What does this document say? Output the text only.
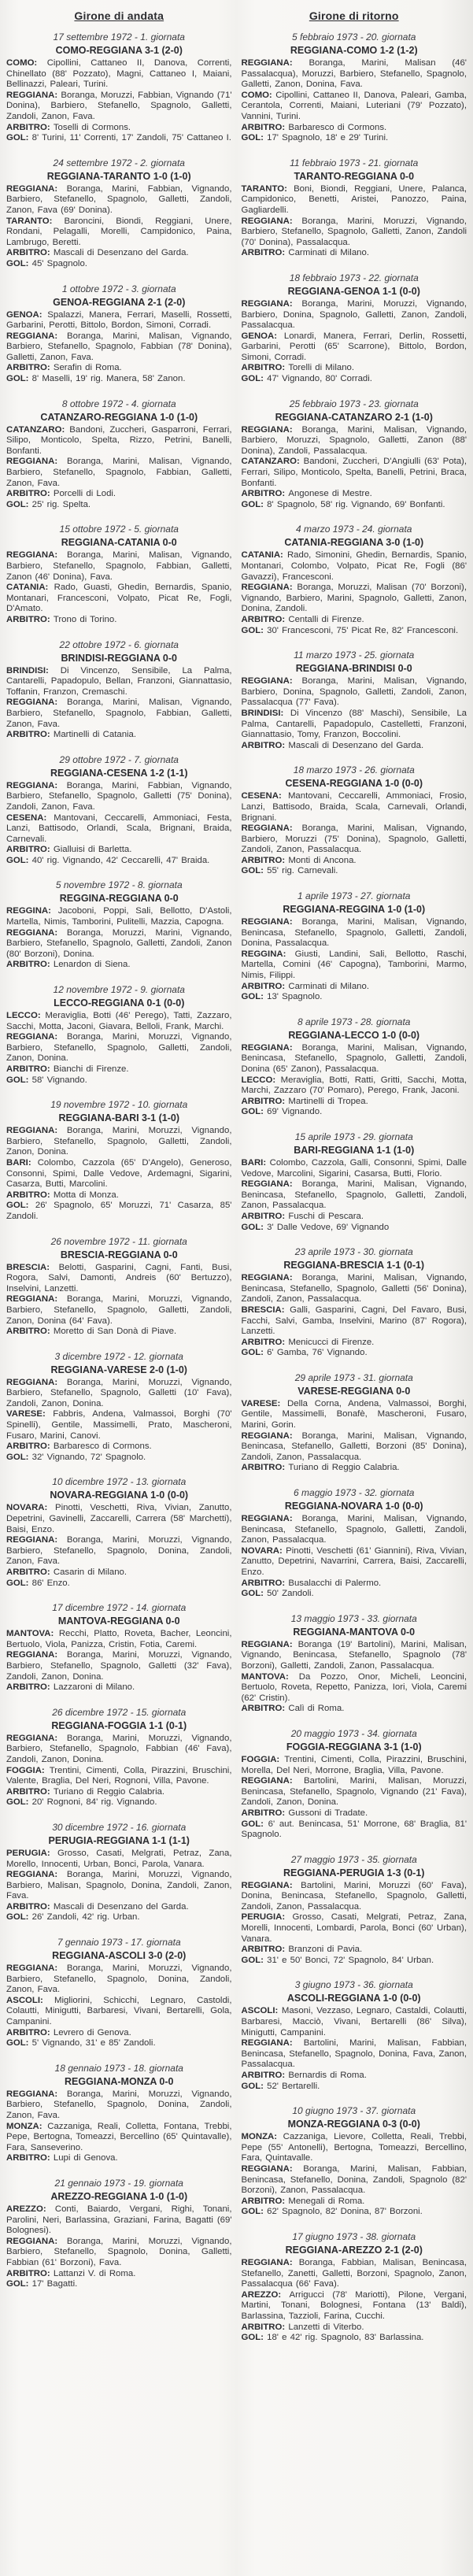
Girone di andata

17 settembre 1972 - 1. giornata

COMO-REGGIANA 3-1 (2-0)

COMO: Cipollini, Cattaneo II, Danova, Correnti, Chinellato (88' Pozzato), Magni, Cattaneo I, Maiani, Bellinazzi, Paleari, Turini.

REGGIANA: Boranga, Moruzzi, Fabbian, Vignando (71' Donina), Barbiero, Stefanello, Spagnolo, Galletti, Zandoli, Zanon, Fava.

ARBITRO: Toselli di Cormons.

GOL: 8' Turini, 11' Correnti, 17' Zandoli, 75' Cattaneo I.

24 settembre 1972 - 2. giornata

REGGIANA-TARANTO 1-0 (1-0)

REGGIANA: Boranga, Marini, Fabbian, Vignando, Barbiero, Stefanello, Spagnolo, Galletti, Zandoli, Zanon, Fava (69' Donina).

TARANTO: Baroncini, Biondi, Reggiani, Unere, Rondani, Pelagalli, Morelli, Campidonico, Paina, Lambrugo, Beretti.

ARBITRO: Mascali di Desenzano del Garda.

GOL: 45' Spagnolo.

1 ottobre 1972 - 3. giornata

GENOA-REGGIANA 2-1 (2-0)

GENOA: Spalazzi, Manera, Ferrari, Maselli, Rossetti, Garbarini, Perotti, Bittolo, Bordon, Simoni, Corradi.

REGGIANA: Boranga, Marini, Malisan, Vignando, Barbiero, Stefanello, Spagnolo, Fabbian (78' Donina), Galletti, Zanon, Fava.

ARBITRO: Serafin di Roma.

GOL: 8' Maselli, 19' rig. Manera, 58' Zanon.

8 ottobre 1972 - 4. giornata

CATANZARO-REGGIANA 1-0 (1-0)

CATANZARO: Bandoni, Zuccheri, Gasparroni, Ferrari, Silipo, Monticolo, Spelta, Rizzo, Petrini, Banelli, Bonfanti.

REGGIANA: Boranga, Marini, Malisan, Vignando, Barbiero, Stefanello, Spagnolo, Fabbian, Galletti, Zanon, Fava.

ARBITRO: Porcelli di Lodi.

GOL: 25' rig. Spelta.

15 ottobre 1972 - 5. giornata

REGGIANA-CATANIA 0-0

REGGIANA: Boranga, Marini, Malisan, Vignando, Barbiero, Stefanello, Spagnolo, Fabbian, Galletti, Zanon (46' Donina), Fava.

CATANIA: Rado, Guasti, Ghedin, Bernardis, Spanio, Montanari, Francesconi, Volpato, Picat Re, Fogli, D'Amato.

ARBITRO: Trono di Torino.

22 ottobre 1972 - 6. giornata

BRINDISI-REGGIANA 0-0

BRINDISI: Di Vincenzo, Sensibile, La Palma, Cantarelli, Papadopulo, Bellan, Franzoni, Giannattasio, Toffanin, Franzon, Cremaschi.

REGGIANA: Boranga, Marini, Malisan, Vignando, Barbiero, Stefanello, Spagnolo, Fabbian, Galletti, Zanon, Fava.

ARBITRO: Martinelli di Catania.

29 ottobre 1972 - 7. giornata

REGGIANA-CESENA 1-2 (1-1)

REGGIANA: Boranga, Marini, Fabbian, Vignando, Barbiero, Stefanello, Spagnolo, Galletti (75' Donina), Zandoli, Zanon, Fava.

CESENA: Mantovani, Ceccarelli, Ammoniaci, Festa, Lanzi, Battisodo, Orlandi, Scala, Brignani, Braida, Carnevali.

ARBITRO: Gialluisi di Barletta.

GOL: 40' rig. Vignando, 42' Ceccarelli, 47' Braida.

5 novembre 1972 - 8. giornata

REGGINA-REGGIANA 0-0

REGGINA: Jacoboni, Poppi, Sali, Bellotto, D'Astoli, Martella, Nimis, Tamborini, Pulitelli, Mazzia, Capogna.

REGGIANA: Boranga, Moruzzi, Marini, Vignando, Barbiero, Stefanello, Spagnolo, Galletti, Zandoli, Zanon (80' Borzoni), Donina.

ARBITRO: Lenardon di Siena.

12 novembre 1972 - 9. giornata

LECCO-REGGIANA 0-1 (0-0)

LECCO: Meraviglia, Botti (46' Perego), Tatti, Zazzaro, Sacchi, Motta, Jaconi, Giavara, Belloli, Frank, Marchi.

REGGIANA: Boranga, Marini, Moruzzi, Vignando, Barbiero, Stefanello, Spagnolo, Galletti, Zandoli, Zanon, Donina.

ARBITRO: Bianchi di Firenze.

GOL: 58' Vignando.

19 novembre 1972 - 10. giornata

REGGIANA-BARI 3-1 (1-0)

REGGIANA: Boranga, Marini, Moruzzi, Vignando, Barbiero, Stefanello, Spagnolo, Galletti, Zandoli, Zanon, Donina.

BARI: Colombo, Cazzola (65' D'Angelo), Generoso, Consonni, Spimi, Dalle Vedove, Ardemagni, Sigarini, Casarza, Butti, Marcolini.

ARBITRO: Motta di Monza.

GOL: 26' Spagnolo, 65' Moruzzi, 71' Casarza, 85' Zandoli.

26 novembre 1972 - 11. giornata

BRESCIA-REGGIANA 0-0

BRESCIA: Belotti, Gasparini, Cagni, Fanti, Busi, Rogora, Salvi, Damonti, Andreis (60' Bertuzzo), Inselvini, Lanzetti.

REGGIANA: Boranga, Marini, Moruzzi, Vignando, Barbiero, Stefanello, Spagnolo, Galletti, Zandoli, Zanon, Donina (64' Fava).

ARBITRO: Moretto di San Donà di Piave.

3 dicembre 1972 - 12. giornata

REGGIANA-VARESE 2-0 (1-0)

REGGIANA: Boranga, Marini, Moruzzi, Vignando, Barbiero, Stefanello, Spagnolo, Galletti (10' Fava), Zandoli, Zanon, Donina.

VARESE: Fabbris, Andena, Valmassoi, Borghi (70' Spinelli), Gentile, Massimelli, Prato, Mascheroni, Fusaro, Marini, Canovi.

ARBITRO: Barbaresco di Cormons.

GOL: 32' Vignando, 72' Spagnolo.

10 dicembre 1972 - 13. giornata

NOVARA-REGGIANA 1-0 (0-0)

NOVARA: Pinotti, Veschetti, Riva, Vivian, Zanutto, Depetrini, Gavinelli, Zaccarelli, Carrera (58' Marchetti), Baisi, Enzo.

REGGIANA: Boranga, Marini, Moruzzi, Vignando, Barbiero, Stefanello, Spagnolo, Donina, Zandoli, Zanon, Fava.

ARBITRO: Casarin di Milano.

GOL: 86' Enzo.

17 dicembre 1972 - 14. giornata

MANTOVA-REGGIANA 0-0

MANTOVA: Recchi, Platto, Roveta, Bacher, Leoncini, Bertuolo, Viola, Panizza, Cristin, Fotia, Caremi.

REGGIANA: Boranga, Marini, Moruzzi, Vignando, Barbiero, Stefanello, Spagnolo, Galletti (32' Fava), Zandoli, Zanon, Donina.

ARBITRO: Lazzaroni di Milano.

26 dicembre 1972 - 15. giornata

REGGIANA-FOGGIA 1-1 (0-1)

REGGIANA: Boranga, Marini, Moruzzi, Vignando, Barbiero, Stefanello, Spagnolo, Fabbian (46' Fava), Zandoli, Zanon, Donina.

FOGGIA: Trentini, Cimenti, Colla, Pirazzini, Bruschini, Valente, Braglia, Del Neri, Rognoni, Villa, Pavone.

ARBITRO: Turiano di Reggio Calabria.

GOL: 20' Rognoni, 84' rig. Vignando.

30 dicembre 1972 - 16. giornata

PERUGIA-REGGIANA 1-1 (1-1)

PERUGIA: Grosso, Casati, Melgrati, Petraz, Zana, Morello, Innocenti, Urban, Bonci, Parola, Vanara.

REGGIANA: Boranga, Marini, Moruzzi, Vignando, Barbiero, Malisan, Spagnolo, Donina, Zandoli, Zanon, Fava.

ARBITRO: Mascali di Desenzano del Garda.

GOL: 26' Zandoli, 42' rig. Urban.

7 gennaio 1973 - 17. giornata

REGGIANA-ASCOLI 3-0 (2-0)

REGGIANA: Boranga, Marini, Moruzzi, Vignando, Barbiero, Stefanello, Spagnolo, Donina, Zandoli, Zanon, Fava.

ASCOLI: Migliorini, Schicchi, Legnaro, Castoldi, Colautti, Minigutti, Barbaresi, Vivani, Bertarelli, Gola, Campanini.

ARBITRO: Levrero di Genova.

GOL: 5' Vignando, 31' e 85' Zandoli.

18 gennaio 1973 - 18. giornata

REGGIANA-MONZA 0-0

REGGIANA: Boranga, Marini, Moruzzi, Vignando, Barbiero, Stefanello, Spagnolo, Donina, Zandoli, Zanon, Fava.

MONZA: Cazzaniga, Reali, Colletta, Fontana, Trebbi, Pepe, Bertogna, Tomeazzi, Bercellino (65' Quintavalle), Fara, Sanseverino.

ARBITRO: Lupi di Genova.

21 gennaio 1973 - 19. giornata

AREZZO-REGGIANA 1-0 (1-0)

AREZZO: Conti, Baiardo, Vergani, Righi, Tonani, Parolini, Neri, Barlassina, Graziani, Farina, Bagatti (69' Bolognesi).

REGGIANA: Boranga, Marini, Moruzzi, Vignando, Barbiero, Stefanello, Spagnolo, Donina, Galletti, Fabbian (61' Borzoni), Fava.

ARBITRO: Lattanzi V. di Roma.

GOL: 17' Bagatti.

Girone di ritorno

5 febbraio 1973 - 20. giornata

REGGIANA-COMO 1-2 (1-2)

REGGIANA: Boranga, Marini, Malisan (46' Passalacqua), Moruzzi, Barbiero, Stefanello, Spagnolo, Galletti, Zanon, Donina, Fava.

COMO: Cipollini, Cattaneo II, Danova, Paleari, Gamba, Cerantola, Correnti, Maiani, Luteriani (79' Pozzato), Vannini, Turini.

ARBITRO: Barbaresco di Cormons.

GOL: 17' Spagnolo, 18' e 29' Turini.

11 febbraio 1973 - 21. giornata

TARANTO-REGGIANA 0-0

TARANTO: Boni, Biondi, Reggiani, Unere, Palanca, Campidonico, Benetti, Aristei, Panozzo, Paina, Gagliardelli.

REGGIANA: Boranga, Marini, Moruzzi, Vignando, Barbiero, Stefanello, Spagnolo, Galletti, Zanon, Zandoli (70' Donina), Passalacqua.

ARBITRO: Carminati di Milano.

18 febbraio 1973 - 22. giornata

REGGIANA-GENOA 1-1 (0-0)

REGGIANA: Boranga, Marini, Moruzzi, Vignando, Barbiero, Donina, Spagnolo, Galletti, Zanon, Zandoli, Passalacqua.

GENOA: Lonardi, Manera, Ferrari, Derlin, Rossetti, Garbarini, Perotti (65' Scarrone), Bittolo, Bordon, Simoni, Corradi.

ARBITRO: Torelli di Milano.

GOL: 47' Vignando, 80' Corradi.

25 febbraio 1973 - 23. giornata

REGGIANA-CATANZARO 2-1 (1-0)

REGGIANA: Boranga, Marini, Malisan, Vignando, Barbiero, Moruzzi, Spagnolo, Galletti, Zanon (88' Donina), Zandoli, Passalacqua.

CATANZARO: Bandoni, Zuccheri, D'Angiulli (63' Pota), Ferrari, Silipo, Monticolo, Spelta, Banelli, Petrini, Braca, Bonfanti.

ARBITRO: Angonese di Mestre.

GOL: 8' Spagnolo, 58' rig. Vignando, 69' Bonfanti.

4 marzo 1973 - 24. giornata

CATANIA-REGGIANA 3-0 (1-0)

CATANIA: Rado, Simonini, Ghedin, Bernardis, Spanio, Montanari, Colombo, Volpato, Picat Re, Fogli (86' Gavazzi), Francesconi.

REGGIANA: Boranga, Moruzzi, Malisan (70' Borzoni), Vignando, Barbiero, Marini, Spagnolo, Galletti, Zanon, Donina, Zandoli.

ARBITRO: Centalli di Firenze.

GOL: 30' Francesconi, 75' Picat Re, 82' Francesconi.

11 marzo 1973 - 25. giornata

REGGIANA-BRINDISI 0-0

REGGIANA: Boranga, Marini, Malisan, Vignando, Barbiero, Donina, Spagnolo, Galletti, Zandoli, Zanon, Passalacqua (77' Fava).

BRINDISI: Di Vincenzo (88' Maschi), Sensibile, La Palma, Cantarelli, Papadopulo, Castelletti, Franzoni, Giannattasio, Tomy, Franzon, Boccolini.

ARBITRO: Mascali di Desenzano del Garda.

18 marzo 1973 - 26. giornata

CESENA-REGGIANA 1-0 (0-0)

CESENA: Mantovani, Ceccarelli, Ammoniaci, Frosio, Lanzi, Battisodo, Braida, Scala, Carnevali, Orlandi, Brignani.

REGGIANA: Boranga, Marini, Malisan, Vignando, Barbiero, Moruzzi (75' Donina), Spagnolo, Galletti, Zandoli, Zanon, Passalacqua.

ARBITRO: Monti di Ancona.

GOL: 55' rig. Carnevali.

1 aprile 1973 - 27. giornata

REGGIANA-REGGINA 1-0 (1-0)

REGGIANA: Boranga, Marini, Malisan, Vignando, Benincasa, Stefanello, Spagnolo, Galletti, Zandoli, Donina, Passalacqua.

REGGINA: Giusti, Landini, Sali, Bellotto, Raschi, Martella, Comini (46' Capogna), Tamborini, Marmo, Nimis, Filippi.

ARBITRO: Carminati di Milano.

GOL: 13' Spagnolo.

8 aprile 1973 - 28. giornata

REGGIANA-LECCO 1-0 (0-0)

REGGIANA: Boranga, Marini, Malisan, Vignando, Benincasa, Stefanello, Spagnolo, Galletti, Zandoli, Donina (65' Zanon), Passalacqua.

LECCO: Meraviglia, Botti, Ratti, Gritti, Sacchi, Motta, Marchi, Zazzaro (70' Pomaro), Perego, Frank, Jaconi.

ARBITRO: Martinelli di Tropea.

GOL: 69' Vignando.

15 aprile 1973 - 29. giornata

BARI-REGGIANA 1-1 (1-0)

BARI: Colombo, Cazzola, Galli, Consonni, Spimi, Dalle Vedove, Marcolini, Sigarini, Casarsa, Butti, Florio.

REGGIANA: Boranga, Marini, Malisan, Vignando, Benincasa, Stefanello, Spagnolo, Galletti, Zandoli, Zanon, Passalacqua.

ARBITRO: Fuschi di Pescara.

GOL: 3' Dalle Vedove, 69' Vignando

23 aprile 1973 - 30. giornata

REGGIANA-BRESCIA 1-1 (0-1)

REGGIANA: Boranga, Marini, Malisan, Vignando, Benincasa, Stefanello, Spagnolo, Galletti (56' Donina), Zandoli, Zanon, Passalacqua.

BRESCIA: Galli, Gasparini, Cagni, Del Favaro, Busi, Facchi, Salvi, Gamba, Inselvini, Marino (87' Rogora), Lanzetti.

ARBITRO: Menicucci di Firenze.

GOL: 6' Gamba, 76' Vignando.

29 aprile 1973 - 31. giornata

VARESE-REGGIANA 0-0

VARESE: Della Corna, Andena, Valmassoi, Borghi, Gentile, Massimelli, Bonafè, Mascheroni, Fusaro, Marini, Gorin.

REGGIANA: Boranga, Marini, Malisan, Vignando, Benincasa, Stefanello, Galletti, Borzoni (85' Donina), Zandoli, Zanon, Passalacqua.

ARBITRO: Turiano di Reggio Calabria.

6 maggio 1973 - 32. giornata

REGGIANA-NOVARA 1-0 (0-0)

REGGIANA: Boranga, Marini, Malisan, Vignando, Benincasa, Stefanello, Spagnolo, Galletti, Zandoli, Zanon, Passalacqua.

NOVARA: Pinotti, Veschetti (61' Giannini), Riva, Vivian, Zanutto, Depetrini, Navarrini, Carrera, Baisi, Zaccarelli, Enzo.

ARBITRO: Busalacchi di Palermo.

GOL: 50' Zandoli.

13 maggio 1973 - 33. giornata

REGGIANA-MANTOVA 0-0

REGGIANA: Boranga (19' Bartolini), Marini, Malisan, Vignando, Benincasa, Stefanello, Spagnolo (78' Borzoni), Galletti, Zandoli, Zanon, Passalacqua.

MANTOVA: Da Pozzo, Onor, Micheli, Leoncini, Bertuolo, Roveta, Repetto, Panizza, Iori, Viola, Caremi (62' Cristin).

ARBITRO: Calì di Roma.

20 maggio 1973 - 34. giornata

FOGGIA-REGGIANA 3-1 (1-0)

FOGGIA: Trentini, Cimenti, Colla, Pirazzini, Bruschini, Morella, Del Neri, Morrone, Braglia, Villa, Pavone.

REGGIANA: Bartolini, Marini, Malisan, Moruzzi, Benincasa, Stefanello, Spagnolo, Vignando (21' Fava), Zandoli, Zanon, Donina.

ARBITRO: Gussoni di Tradate.

GOL: 6' aut. Benincasa, 51' Morrone, 68' Braglia, 81' Spagnolo.

27 maggio 1973 - 35. giornata

REGGIANA-PERUGIA 1-3 (0-1)

REGGIANA: Bartolini, Marini, Moruzzi (60' Fava), Donina, Benincasa, Stefanello, Spagnolo, Galletti, Zandoli, Zanon, Passalacqua.

PERUGIA: Grosso, Casati, Melgrati, Petraz, Zana, Morelli, Innocenti, Lombardi, Parola, Bonci (60' Urban), Vanara.

ARBITRO: Branzoni di Pavia.

GOL: 31' e 50' Bonci, 72' Spagnolo, 84' Urban.

3 giugno 1973 - 36. giornata

ASCOLI-REGGIANA 1-0 (0-0)

ASCOLI: Masoni, Vezzaso, Legnaro, Castaldi, Colautti, Barbaresi, Macciò, Vivani, Bertarelli (86' Silva), Minigutti, Campanini.

REGGIANA: Bartolini, Marini, Malisan, Fabbian, Benincasa, Stefanello, Spagnolo, Donina, Fava, Zanon, Passalacqua.

ARBITRO: Bernardis di Roma.

GOL: 52' Bertarelli.

10 giugno 1973 - 37. giornata

MONZA-REGGIANA 0-3 (0-0)

MONZA: Cazzaniga, Lievore, Colletta, Reali, Trebbi, Pepe (55' Antonelli), Bertogna, Tomeazzi, Bercellino, Fara, Quintavalle.

REGGIANA: Boranga, Marini, Malisan, Fabbian, Benincasa, Stefanello, Donina, Zandoli, Spagnolo (82' Borzoni), Zanon, Passalacqua.

ARBITRO: Menegali di Roma.

GOL: 62' Spagnolo, 82' Donina, 87' Borzoni.

17 giugno 1973 - 38. giornata

REGGIANA-AREZZO 2-1 (2-0)

REGGIANA: Boranga, Fabbian, Malisan, Benincasa, Stefanello, Zanetti, Galletti, Borzoni, Spagnolo, Zanon, Passalacqua (66' Fava).

AREZZO: Arrigucci (78' Mariotti), Pilone, Vergani, Martini, Tonani, Bolognesi, Fontana (13' Baldi), Barlassina, Tazzioli, Farina, Cucchi.

ARBITRO: Lanzetti di Viterbo.

GOL: 18' e 42' rig. Spagnolo, 83' Barlassina.
